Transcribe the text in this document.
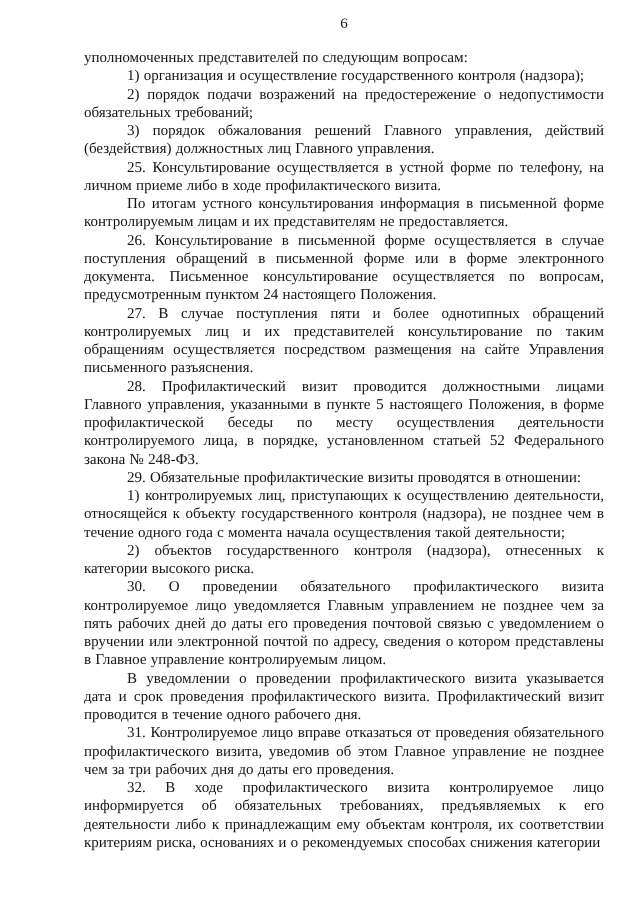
6

уполномоченных представителей по следующим вопросам:

1) организация и осуществление государственного контроля (надзора);

2) порядок подачи возражений на предостережение о недопустимости обязательных требований;

3) порядок обжалования решений Главного управления, действий (бездействия) должностных лиц Главного управления.

25. Консультирование осуществляется в устной форме по телефону, на личном приеме либо в ходе профилактического визита.

По итогам устного консультирования информация в письменной форме контролируемым лицам и их представителям не предоставляется.

26. Консультирование в письменной форме осуществляется в случае поступления обращений в письменной форме или в форме электронного документа. Письменное консультирование осуществляется по вопросам, предусмотренным пунктом 24 настоящего Положения.

27. В случае поступления пяти и более однотипных обращений контролируемых лиц и их представителей консультирование по таким обращениям осуществляется посредством размещения на сайте Управления письменного разъяснения.

28. Профилактический визит проводится должностными лицами Главного управления, указанными в пункте 5 настоящего Положения, в форме профилактической беседы по месту осуществления деятельности контролируемого лица, в порядке, установленном статьей 52 Федерального закона № 248-ФЗ.

29. Обязательные профилактические визиты проводятся в отношении:

1) контролируемых лиц, приступающих к осуществлению деятельности, относящейся к объекту государственного контроля (надзора), не позднее чем в течение одного года с момента начала осуществления такой деятельности;

2) объектов государственного контроля (надзора), отнесенных к категории высокого риска.

30. О проведении обязательного профилактического визита контролируемое лицо уведомляется Главным управлением не позднее чем за пять рабочих дней до даты его проведения почтовой связью с уведомлением о вручении или электронной почтой по адресу, сведения о котором представлены в Главное управление контролируемым лицом.

В уведомлении о проведении профилактического визита указывается дата и срок проведения профилактического визита. Профилактический визит проводится в течение одного рабочего дня.

31. Контролируемое лицо вправе отказаться от проведения обязательного профилактического визита, уведомив об этом Главное управление не позднее чем за три рабочих дня до даты его проведения.

32. В ходе профилактического визита контролируемое лицо информируется об обязательных требованиях, предъявляемых к его деятельности либо к принадлежащим ему объектам контроля, их соответствии критериям риска, основаниях и о рекомендуемых способах снижения категории
